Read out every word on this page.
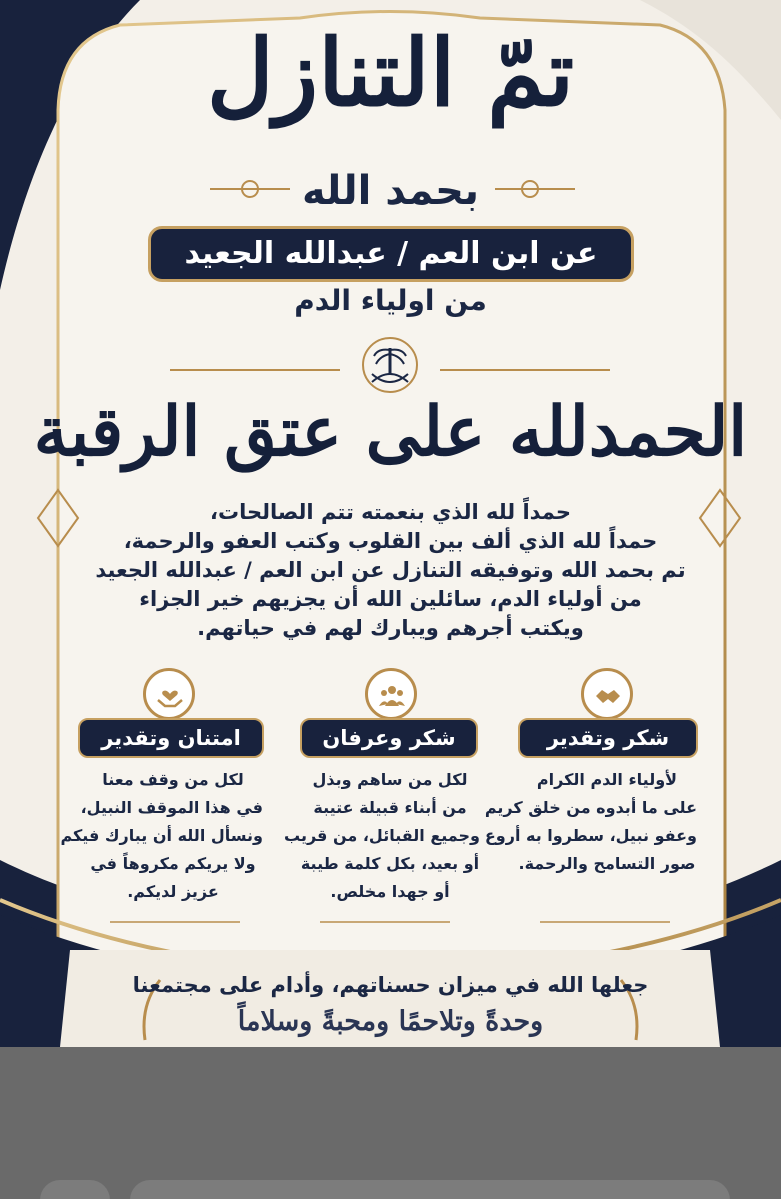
تمّ التنازل
بحمد الله
عن ابن العم / عبدالله الجعيد
من اولياء الدم
الحمدلله على عتق الرقبة
حمداً لله الذي بنعمته تتم الصالحات،
حمداً لله الذي ألف بين القلوب وكتب العفو والرحمة،
تم بحمد الله وتوفيقه التنازل عن ابن العم / عبدالله الجعيد
من أولياء الدم، سائلين الله أن يجزيهم خير الجزاء
ويكتب أجرهم ويبارك لهم في حياتهم.
شكر وتقدير
شكر وعرفان
امتنان وتقدير
لأولياء الدم الكرام
على ما أبدوه من خلق كريم
وعفو نبيل، سطروا به أروع
صور التسامح والرحمة.
لكل من ساهم وبذل
من أبناء قبيلة عتيبة
وجميع القبائل، من قريب
أو بعيد، بكل كلمة طيبة
أو جهدا مخلص.
لكل من وقف معنا
في هذا الموقف النبيل،
ونسأل الله أن يبارك فيكم
ولا يريكم مكروهاً في
عزيز لديكم.
جعلها الله في ميزان حسناتهم، وأدام على مجتمعنا
وحدةً وتلاحمًا ومحبةً وسلاماً
